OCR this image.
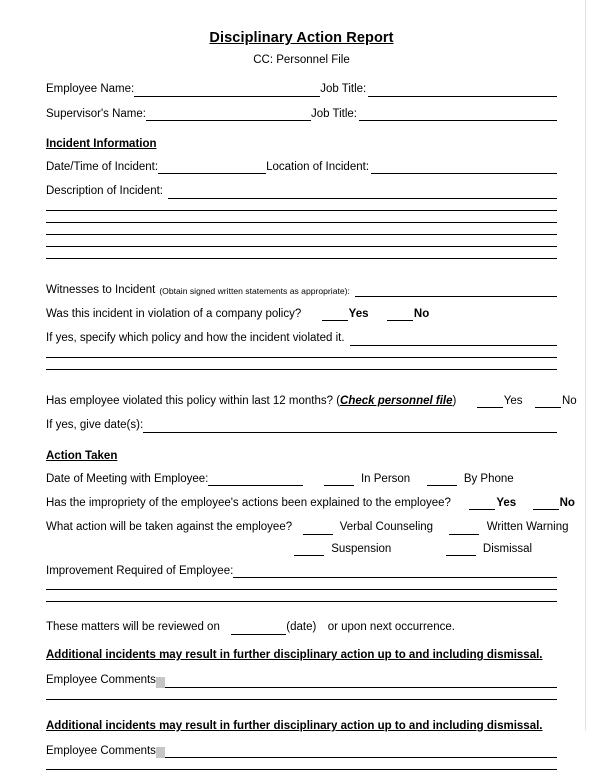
Disciplinary Action Report
CC: Personnel File
Employee Name:	Job Title:
Supervisor's Name:	Job Title:
Incident Information
Date/Time of Incident:	Location of Incident:
Description of Incident:
Witnesses to Incident (Obtain signed written statements as appropriate):
Was this incident in violation of a company policy?	Yes	No
If yes, specify which policy and how the incident violated it.
Has employee violated this policy within last 12 months? (Check personnel file)	Yes	No
If yes, give date(s):
Action Taken
Date of Meeting with Employee:	In Person	By Phone
Has the impropriety of the employee's actions been explained to the employee?	Yes	No
What action will be taken against the employee?	Verbal Counseling	Written Warning
Suspension	Dismissal
Improvement Required of Employee:
These matters will be reviewed on	(date) or upon next occurrence.
Additional incidents may result in further disciplinary action up to and including dismissal.
Employee Comments
Additional incidents may result in further disciplinary action up to and including dismissal.
Employee Comments
